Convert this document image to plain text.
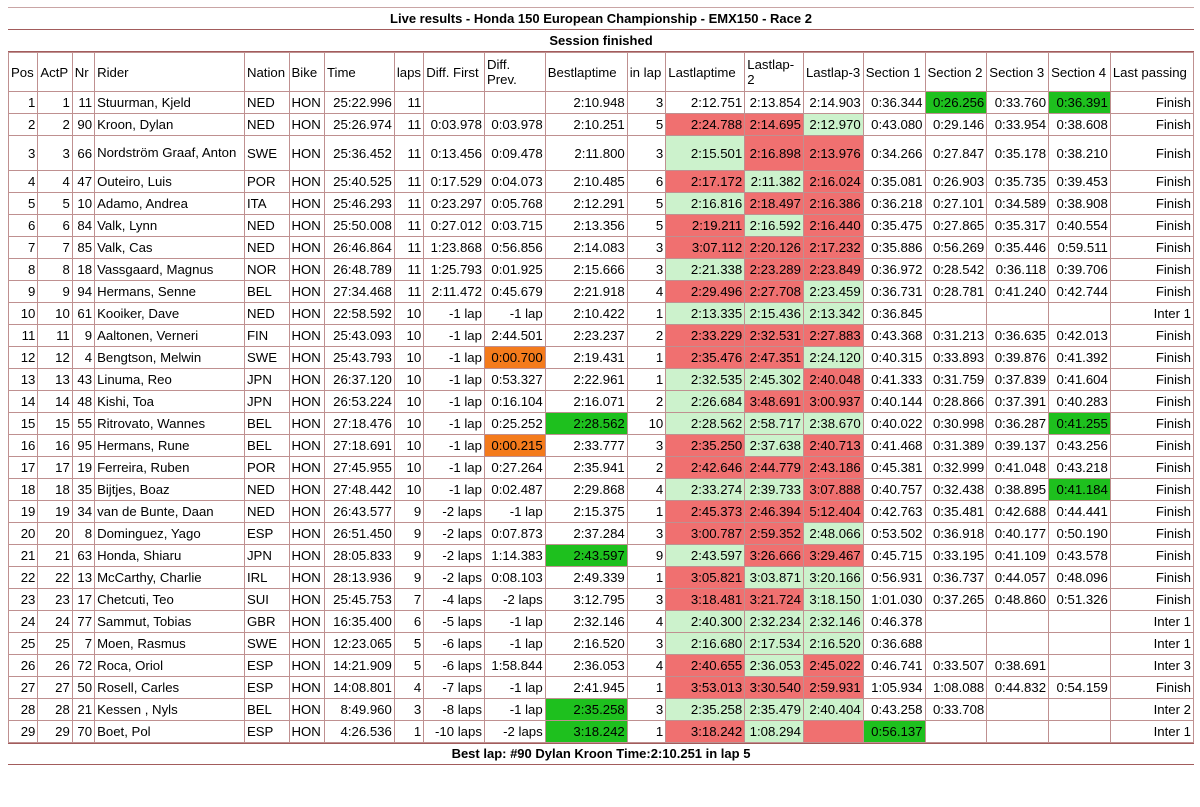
Live results - Honda 150 European Championship - EMX150 - Race 2
Session finished
Pos	ActP	Nr	Rider	Nation	Bike	Time	laps	Diff. First	Diff. Prev.	Bestlaptime	in lap	Lastlaptime	Lastlap-2	Lastlap-3	Section 1	Section 2	Section 3	Section 4	Last passing
1	1	11	Stuurman, Kjeld	NED	HON	25:22.996	11			2:10.948	3	2:12.751	2:13.854	2:14.903	0:36.344	0:26.256	0:33.760	0:36.391	Finish
2	2	90	Kroon, Dylan	NED	HON	25:26.974	11	0:03.978	0:03.978	2:10.251	5	2:24.788	2:14.695	2:12.970	0:43.080	0:29.146	0:33.954	0:38.608	Finish
3	3	66	Nordström Graaf, Anton	SWE	HON	25:36.452	11	0:13.456	0:09.478	2:11.800	3	2:15.501	2:16.898	2:13.976	0:34.266	0:27.847	0:35.178	0:38.210	Finish
4	4	47	Outeiro, Luis	POR	HON	25:40.525	11	0:17.529	0:04.073	2:10.485	6	2:17.172	2:11.382	2:16.024	0:35.081	0:26.903	0:35.735	0:39.453	Finish
5	5	10	Adamo, Andrea	ITA	HON	25:46.293	11	0:23.297	0:05.768	2:12.291	5	2:16.816	2:18.497	2:16.386	0:36.218	0:27.101	0:34.589	0:38.908	Finish
6	6	84	Valk, Lynn	NED	HON	25:50.008	11	0:27.012	0:03.715	2:13.356	5	2:19.211	2:16.592	2:16.440	0:35.475	0:27.865	0:35.317	0:40.554	Finish
7	7	85	Valk, Cas	NED	HON	26:46.864	11	1:23.868	0:56.856	2:14.083	3	3:07.112	2:20.126	2:17.232	0:35.886	0:56.269	0:35.446	0:59.511	Finish
8	8	18	Vassgaard, Magnus	NOR	HON	26:48.789	11	1:25.793	0:01.925	2:15.666	3	2:21.338	2:23.289	2:23.849	0:36.972	0:28.542	0:36.118	0:39.706	Finish
9	9	94	Hermans, Senne	BEL	HON	27:34.468	11	2:11.472	0:45.679	2:21.918	4	2:29.496	2:27.708	2:23.459	0:36.731	0:28.781	0:41.240	0:42.744	Finish
10	10	61	Kooiker, Dave	NED	HON	22:58.592	10	-1 lap	-1 lap	2:10.422	1	2:13.335	2:15.436	2:13.342	0:36.845				Inter 1
11	11	9	Aaltonen, Verneri	FIN	HON	25:43.093	10	-1 lap	2:44.501	2:23.237	2	2:33.229	2:32.531	2:27.883	0:43.368	0:31.213	0:36.635	0:42.013	Finish
12	12	4	Bengtson, Melwin	SWE	HON	25:43.793	10	-1 lap	0:00.700	2:19.431	1	2:35.476	2:47.351	2:24.120	0:40.315	0:33.893	0:39.876	0:41.392	Finish
13	13	43	Linuma, Reo	JPN	HON	26:37.120	10	-1 lap	0:53.327	2:22.961	1	2:32.535	2:45.302	2:40.048	0:41.333	0:31.759	0:37.839	0:41.604	Finish
14	14	48	Kishi, Toa	JPN	HON	26:53.224	10	-1 lap	0:16.104	2:16.071	2	2:26.684	3:48.691	3:00.937	0:40.144	0:28.866	0:37.391	0:40.283	Finish
15	15	55	Ritrovato, Wannes	BEL	HON	27:18.476	10	-1 lap	0:25.252	2:28.562	10	2:28.562	2:58.717	2:38.670	0:40.022	0:30.998	0:36.287	0:41.255	Finish
16	16	95	Hermans, Rune	BEL	HON	27:18.691	10	-1 lap	0:00.215	2:33.777	3	2:35.250	2:37.638	2:40.713	0:41.468	0:31.389	0:39.137	0:43.256	Finish
17	17	19	Ferreira, Ruben	POR	HON	27:45.955	10	-1 lap	0:27.264	2:35.941	2	2:42.646	2:44.779	2:43.186	0:45.381	0:32.999	0:41.048	0:43.218	Finish
18	18	35	Bijtjes, Boaz	NED	HON	27:48.442	10	-1 lap	0:02.487	2:29.868	4	2:33.274	2:39.733	3:07.888	0:40.757	0:32.438	0:38.895	0:41.184	Finish
19	19	34	van de Bunte, Daan	NED	HON	26:43.577	9	-2 laps	-1 lap	2:15.375	1	2:45.373	2:46.394	5:12.404	0:42.763	0:35.481	0:42.688	0:44.441	Finish
20	20	8	Dominguez, Yago	ESP	HON	26:51.450	9	-2 laps	0:07.873	2:37.284	3	3:00.787	2:59.352	2:48.066	0:53.502	0:36.918	0:40.177	0:50.190	Finish
21	21	63	Honda, Shiaru	JPN	HON	28:05.833	9	-2 laps	1:14.383	2:43.597	9	2:43.597	3:26.666	3:29.467	0:45.715	0:33.195	0:41.109	0:43.578	Finish
22	22	13	McCarthy, Charlie	IRL	HON	28:13.936	9	-2 laps	0:08.103	2:49.339	1	3:05.821	3:03.871	3:20.166	0:56.931	0:36.737	0:44.057	0:48.096	Finish
23	23	17	Chetcuti, Teo	SUI	HON	25:45.753	7	-4 laps	-2 laps	3:12.795	3	3:18.481	3:21.724	3:18.150	1:01.030	0:37.265	0:48.860	0:51.326	Finish
24	24	77	Sammut, Tobias	GBR	HON	16:35.400	6	-5 laps	-1 lap	2:32.146	4	2:40.300	2:32.234	2:32.146	0:46.378				Inter 1
25	25	7	Moen, Rasmus	SWE	HON	12:23.065	5	-6 laps	-1 lap	2:16.520	3	2:16.680	2:17.534	2:16.520	0:36.688				Inter 1
26	26	72	Roca, Oriol	ESP	HON	14:21.909	5	-6 laps	1:58.844	2:36.053	4	2:40.655	2:36.053	2:45.022	0:46.741	0:33.507	0:38.691		Inter 3
27	27	50	Rosell, Carles	ESP	HON	14:08.801	4	-7 laps	-1 lap	2:41.945	1	3:53.013	3:30.540	2:59.931	1:05.934	1:08.088	0:44.832	0:54.159	Finish
28	28	21	Kessen , Nyls	BEL	HON	8:49.960	3	-8 laps	-1 lap	2:35.258	3	2:35.258	2:35.479	2:40.404	0:43.258	0:33.708			Inter 2
29	29	70	Boet, Pol	ESP	HON	4:26.536	1	-10 laps	-2 laps	3:18.242	1	3:18.242	1:08.294		0:56.137				Inter 1
Best lap: #90 Dylan Kroon Time:2:10.251 in lap 5
